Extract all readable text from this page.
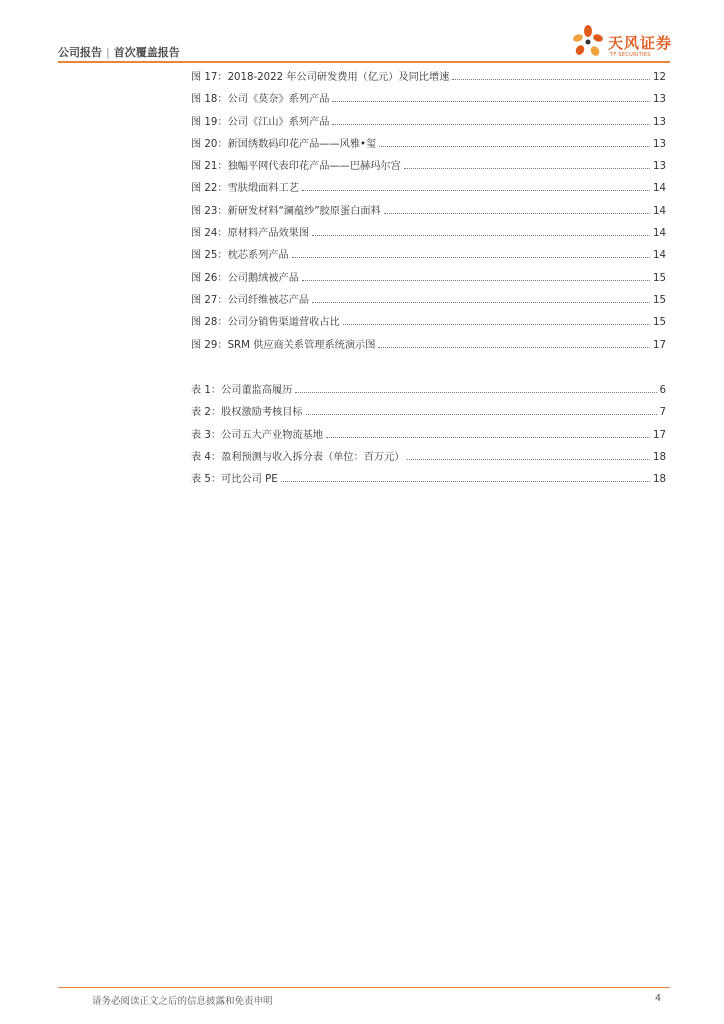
公司报告 | 首次覆盖报告
天风证券
TF SECURITIES
图 17：2018-2022 年公司研发费用（亿元）及同比增速	12
图 18：公司《莫奈》系列产品	13
图 19：公司《江山》系列产品	13
图 20：新国绣数码印花产品——风雅•玺	13
图 21：独幅平网代表印花产品——巴赫玛尔宫	13
图 22：雪肤缎面料工艺	14
图 23：新研发材料“澜蕴纱”胶原蛋白面料	14
图 24：原材料产品效果图	14
图 25：枕芯系列产品	14
图 26：公司鹅绒被产品	15
图 27：公司纤维被芯产品	15
图 28：公司分销售渠道营收占比	15
图 29：SRM 供应商关系管理系统演示图	17
表 1：公司董监高履历	6
表 2：股权激励考核目标	7
表 3：公司五大产业物流基地	17
表 4：盈利预测与收入拆分表（单位：百万元）	18
表 5：可比公司 PE	18
请务必阅读正文之后的信息披露和免责申明	4
